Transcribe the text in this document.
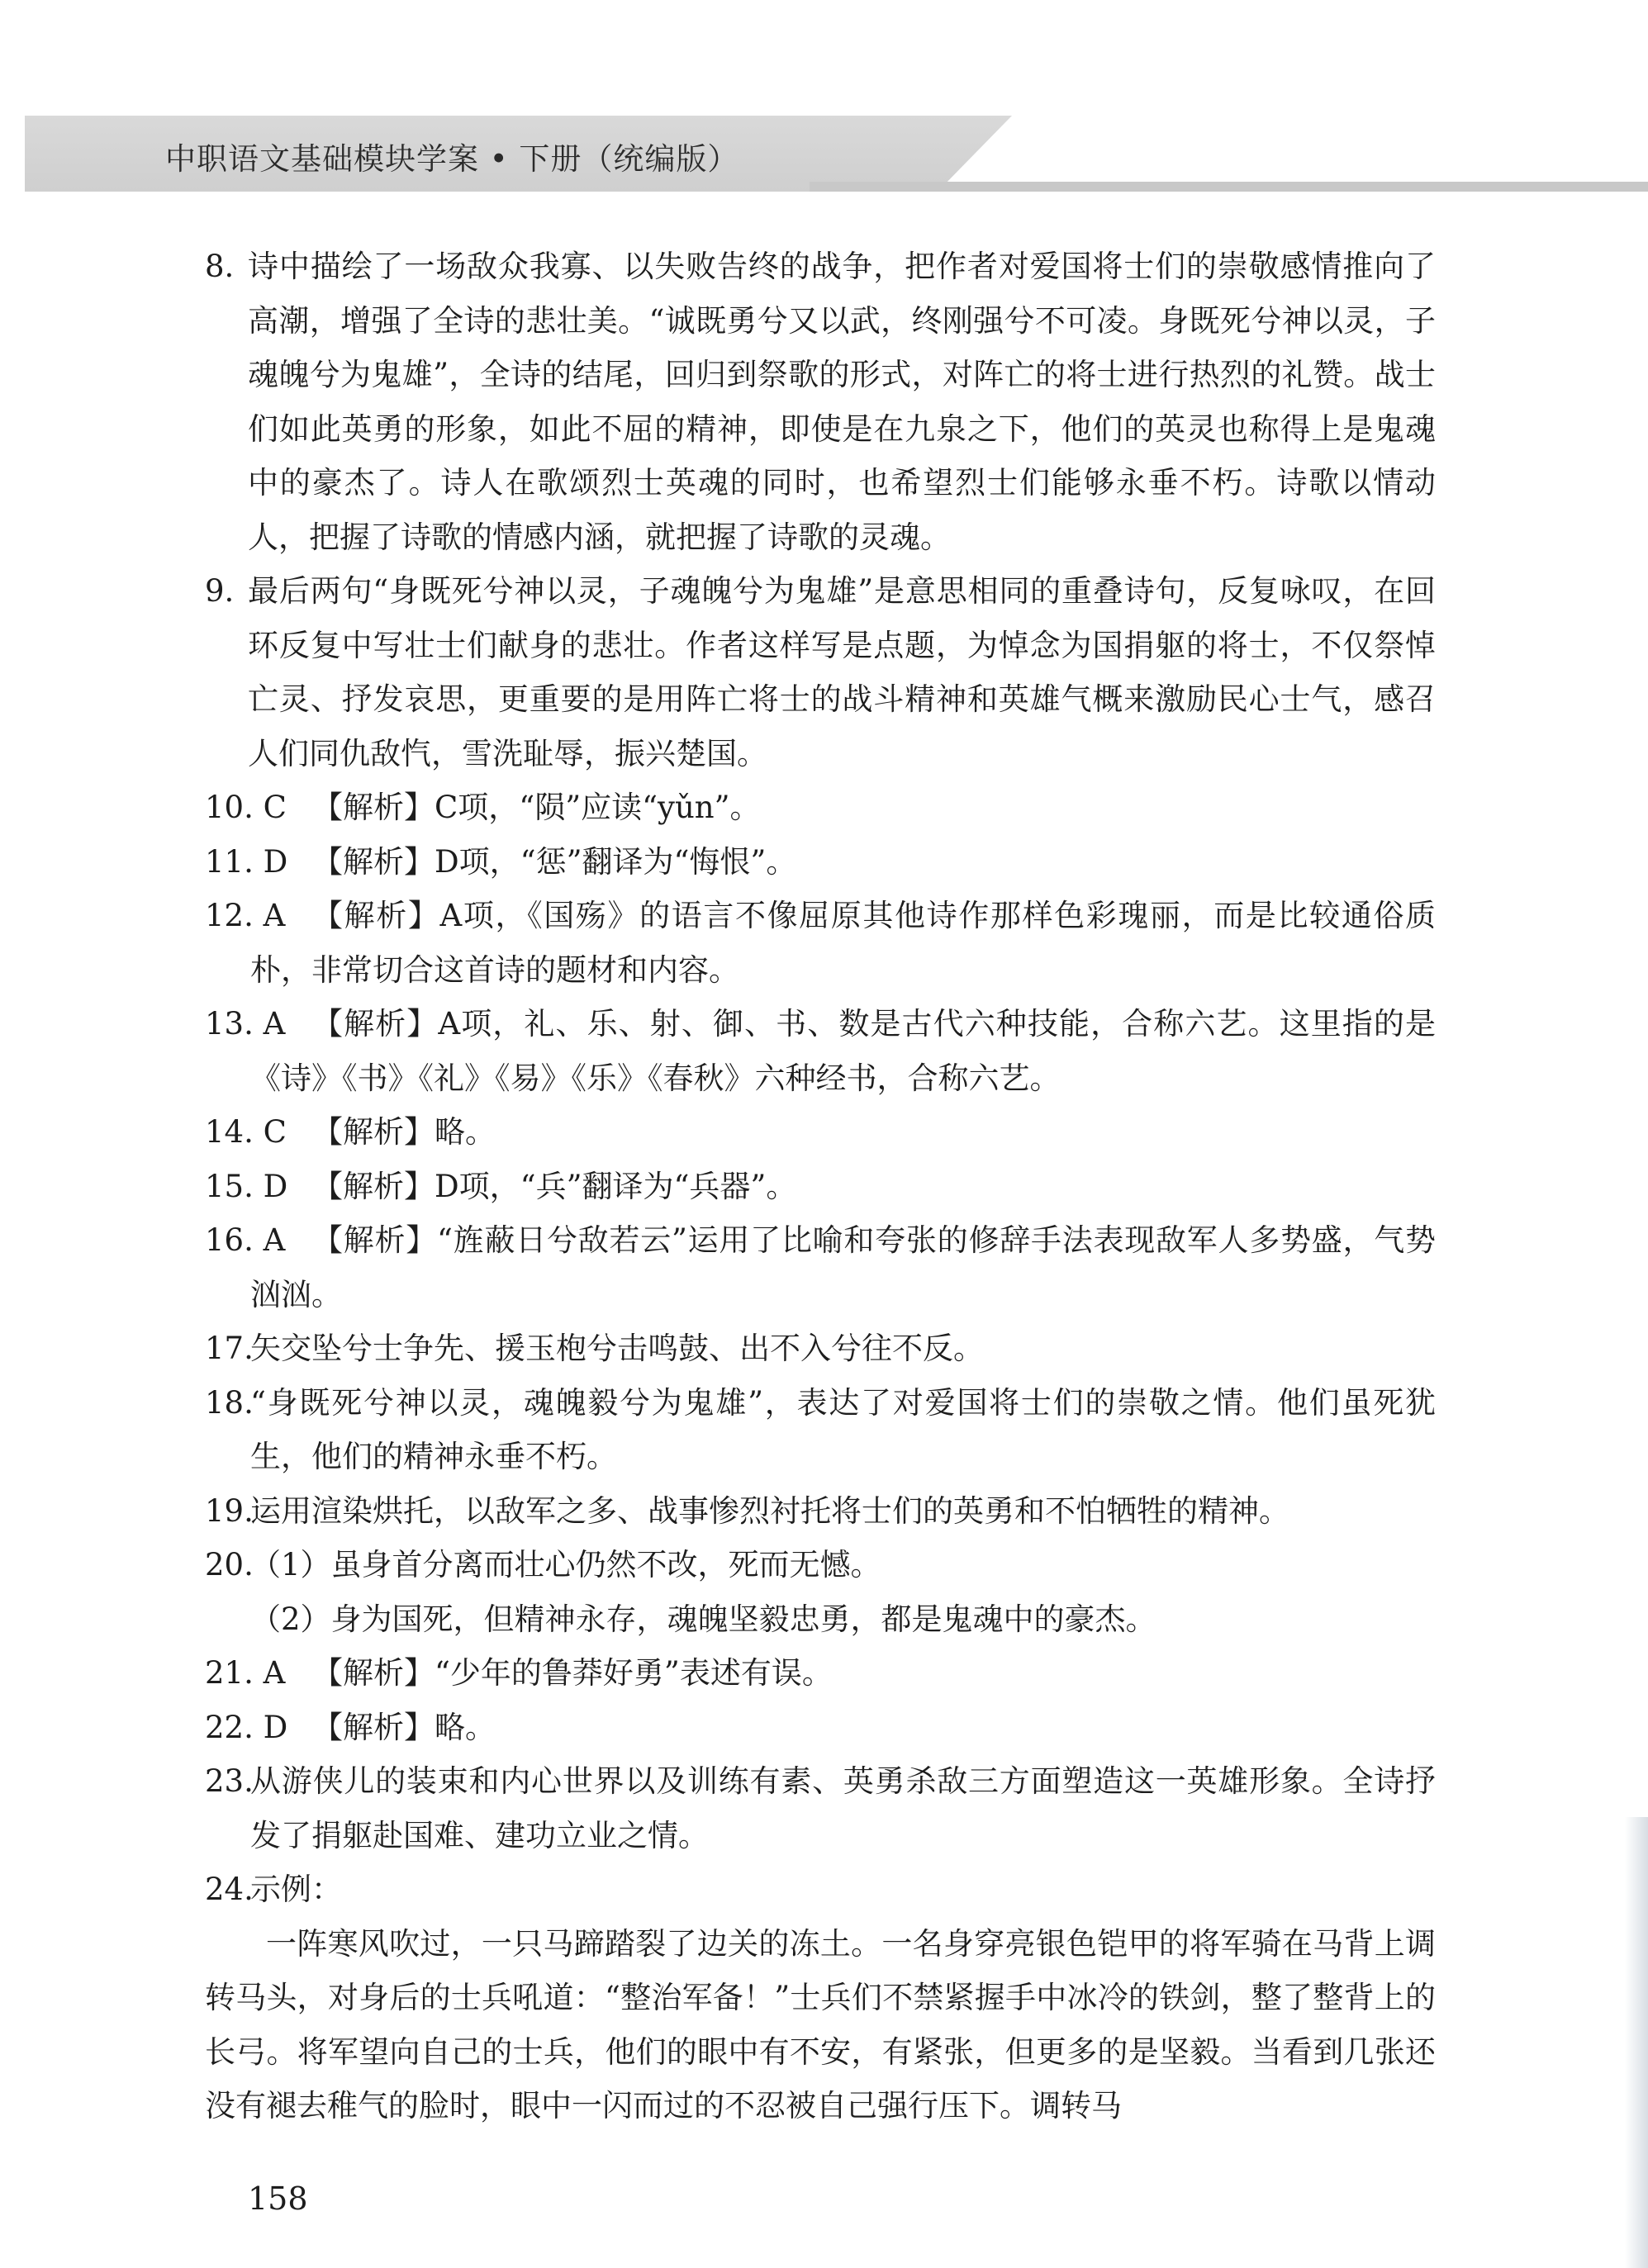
中职语文基础模块学案 • 下册（统编版）
8. 诗中描绘了一场敌众我寡、以失败告终的战争，把作者对爱国将士们的崇敬感情推向了高潮，增强了全诗的悲壮美。“诚既勇兮又以武，终刚强兮不可凌。身既死兮神以灵，子魂魄兮为鬼雄”，全诗的结尾，回归到祭歌的形式，对阵亡的将士进行热烈的礼赞。战士们如此英勇的形象，如此不屈的精神，即使是在九泉之下，他们的英灵也称得上是鬼魂中的豪杰了。诗人在歌颂烈士英魂的同时，也希望烈士们能够永垂不朽。诗歌以情动人，把握了诗歌的情感内涵，就把握了诗歌的灵魂。
9. 最后两句“身既死兮神以灵，子魂魄兮为鬼雄”是意思相同的重叠诗句，反复咏叹，在回环反复中写壮士们献身的悲壮。作者这样写是点题，为悼念为国捐躯的将士，不仅祭悼亡灵、抒发哀思，更重要的是用阵亡将士的战斗精神和英雄气概来激励民心士气，感召人们同仇敌忾，雪洗耻辱，振兴楚国。
10. C 【解析】C项，“陨”应读“yǔn”。
11. D 【解析】D项，“惩”翻译为“悔恨”。
12. A 【解析】A项，《国殇》的语言不像屈原其他诗作那样色彩瑰丽，而是比较通俗质朴，非常切合这首诗的题材和内容。
13. A 【解析】A项，礼、乐、射、御、书、数是古代六种技能，合称六艺。这里指的是《诗》《书》《礼》《易》《乐》《春秋》六种经书，合称六艺。
14. C 【解析】略。
15. D 【解析】D项，“兵”翻译为“兵器”。
16. A 【解析】“旌蔽日兮敌若云”运用了比喻和夸张的修辞手法表现敌军人多势盛，气势汹汹。
17.
矢交坠兮士争先、援玉枹兮击鸣鼓、出不入兮往不反。
18.
“身既死兮神以灵，魂魄毅兮为鬼雄”，表达了对爱国将士们的崇敬之情。他们虽死犹生，他们的精神永垂不朽。
19.
运用渲染烘托，以敌军之多、战事惨烈衬托将士们的英勇和不怕牺牲的精神。
20.
（1）虽身首分离而壮心仍然不改，死而无憾。
（2）身为国死，但精神永存，魂魄坚毅忠勇，都是鬼魂中的豪杰。
21. A 【解析】“少年的鲁莽好勇”表述有误。
22. D 【解析】略。
23.
从游侠儿的装束和内心世界以及训练有素、英勇杀敌三方面塑造这一英雄形象。全诗抒发了捐躯赴国难、建功立业之情。
24.
示例：
一阵寒风吹过，一只马蹄踏裂了边关的冻土。一名身穿亮银色铠甲的将军骑在马背上调转马头，对身后的士兵吼道：“整治军备！”士兵们不禁紧握手中冰冷的铁剑，整了整背上的长弓。将军望向自己的士兵，他们的眼中有不安，有紧张，但更多的是坚毅。当看到几张还没有褪去稚气的脸时，眼中一闪而过的不忍被自己强行压下。调转马
158
